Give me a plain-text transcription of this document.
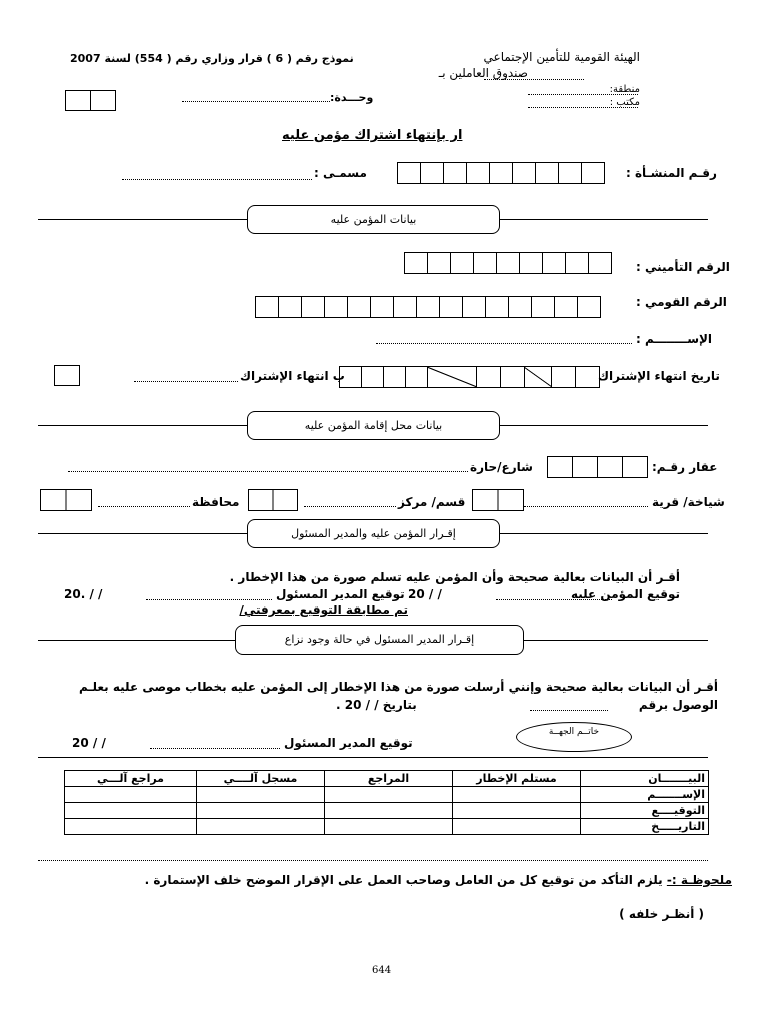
الهيئة القومية للتأمين الإجتماعي
صندوق العاملين بـ
منطقة:
مكتب :
نموذج رقم ( 6 ) قرار وزاري رقم ( 554) لسنة 2007
وحـــدة:
ار بإنتهاء اشتراك مؤمن عليه
رقـم المنشـأة :
مسمـى :
بيانات المؤمن عليه
الرقم التأميني :
الرقم القومي :
الإســــــــم :
تاريخ انتهاء الإشتراك
ب انتهاء الإشتراك
بيانات محل إقامة المؤمن عليه
عقار رقـم:
شارع/حارة
شياخة/ قرية
قسم/ مركز
محافظة
إقـرار المؤمن عليه والمدير المسئول
أقـر أن البيانات بعالية صحيحة وأن المؤمن عليه تسلم صورة من هذا الإخطار .
توقيع المؤمن عليه
/ / 20
توقيع المدير المسئول
/ / .20
تم مطابقة التوقيع بمعرفتي/
إقـرار المدير المسئول في حالة وجود نزاع
أقـر أن البيانات بعالية صحيحة وإنني أرسلت صورة من هذا الإخطار إلى المؤمن عليه بخطاب موصى عليه بعلـم
الوصول برقم
بتاريخ / / 20 .
خاتــم الجهــة
توقيع المدير المسئول
/ / 20
البيـــــــان	مستلم الإخطار	المراجع	مسجل آلــــي	مراجع آلـــي
الإســـــــم				
التوقيــــع				
التاريـــــخ				
ملحوظـة :- يلزم التأكد من توقيع كل من العامل وصاحب العمل على الإقرار الموضح خلف الإستمارة .
( أنظـر خلفه )
644
